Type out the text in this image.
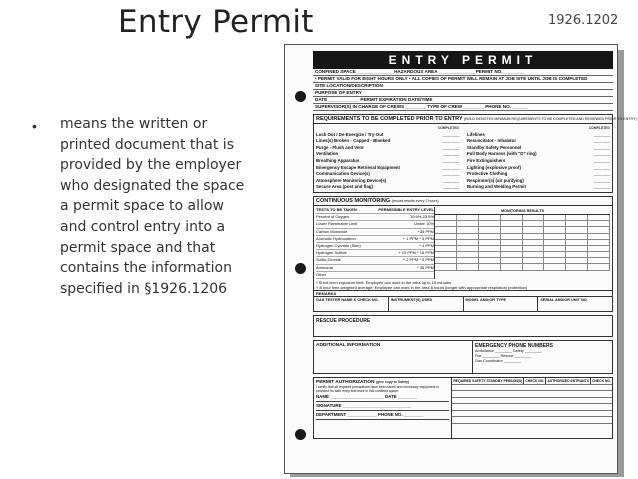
Entry Permit	1926.1202
• means the written or
printed document that is
provided by the employer
who designated the space
a permit space to allow
and control entry into a
permit space and that
contains the information
specified in §1926.1206
ENTRY PERMIT
CONFINED SPACE ______________ HAZARDOUS AREA ______________ PERMIT NO. ________
• PERMIT VALID FOR EIGHT HOURS ONLY • ALL COPIES OF PERMIT WILL REMAIN AT JOB SITE UNTIL JOB IS COMPLETED
SITE LOCATION/DESCRIPTION
PURPOSE OF ENTRY
DATE ____________ PERMIT EXPIRATION DATE/TIME
SUPERVISOR(S) IN CHARGE OF CREWS ________ TYPE OF CREW ________ PHONE NO. ______
REQUIREMENTS TO BE COMPLETED PRIOR TO ENTRY (BOLD DENOTES MINIMUM REQUIREMENTS TO BE COMPLETED AND REVIEWED PRIOR TO ENTRY)
COMPLETED
Lock Out / De-Energize / Try-Out	____ ____
Lines(s) Broken - Capped - Blanked	____ ____
Purge - Flush and Vent	____ ____
Ventilation	____ ____
Breathing Apparatus	____ ____
Emergency Escape Retrieval Equipment	____ ____
Communication Device(s)	____ ____
Atmosphere Monitoring Device(s)	____ ____
Secure Area (post and flag)	____ ____
COMPLETED
Lifelines	____ ____
Resuscitator - Inhalator	____ ____
Standby Safety Personnel	____ ____
Full Body Harness (with "D" ring)	____ ____
Fire Extinguishers	____ ____
Lighting (explosive proof)	____ ____
Protective Clothing	____ ____
Respirator(s) (air purifying)	____ ____
Burning and Welding Permit	____ ____
CONTINUOUS MONITORING (record results every 2 hours)
TESTS TO BE TAKEN	PERMISSIBLE ENTRY LEVEL
Percent of Oxygen	19.5%-23.5%
Lower Flammable Limit	Under 10%
Carbon Monoxide	+35 PPM
Aromatic Hydrocarbon	+ 1 PPM * 5 PPM
Hydrogen Cyanide (Skin)	* 4 PPM
Hydrogen Sulfide	+ 10 PPM * 15 PPM
Sulfur Dioxide	+ 2 PPM * 5 PPM
Ammonia	* 35 PPM
Other
MONITORING RESULTS
* Short-term exposure limit: Employee can work in the area up to 15 minutes
+ 8 hour time-weighted average: Employee can work in the area 8 hours (longer with appropriate respiratory protection)
REMARKS
GAS TESTER NAME & CHECK NO.	INSTRUMENT(S) USED	MODEL AND/OR TYPE	SERIAL AND/OR UNIT NO.
RESCUE PROCEDURE
ADDITIONAL INFORMATION	EMERGENCY PHONE NUMBERS
Ambulance ________ Safety ________
Fire ________ Rescue ________
Gas Coordinator ________
PERMIT AUTHORIZATION (give copy to Safety)
I certify that all required precautions have been taken and necessary equipment is provided for safe entry and work in this confined space.
NAME ______________________ DATE ________
SIGNATURE ____________________________
DEPARTMENT ____________ PHONE NO. ________
REQUIRED SAFETY STANDBY PERSON(S) CHECK NO. AUTHORIZED ENTRANTS CHECK NO.
